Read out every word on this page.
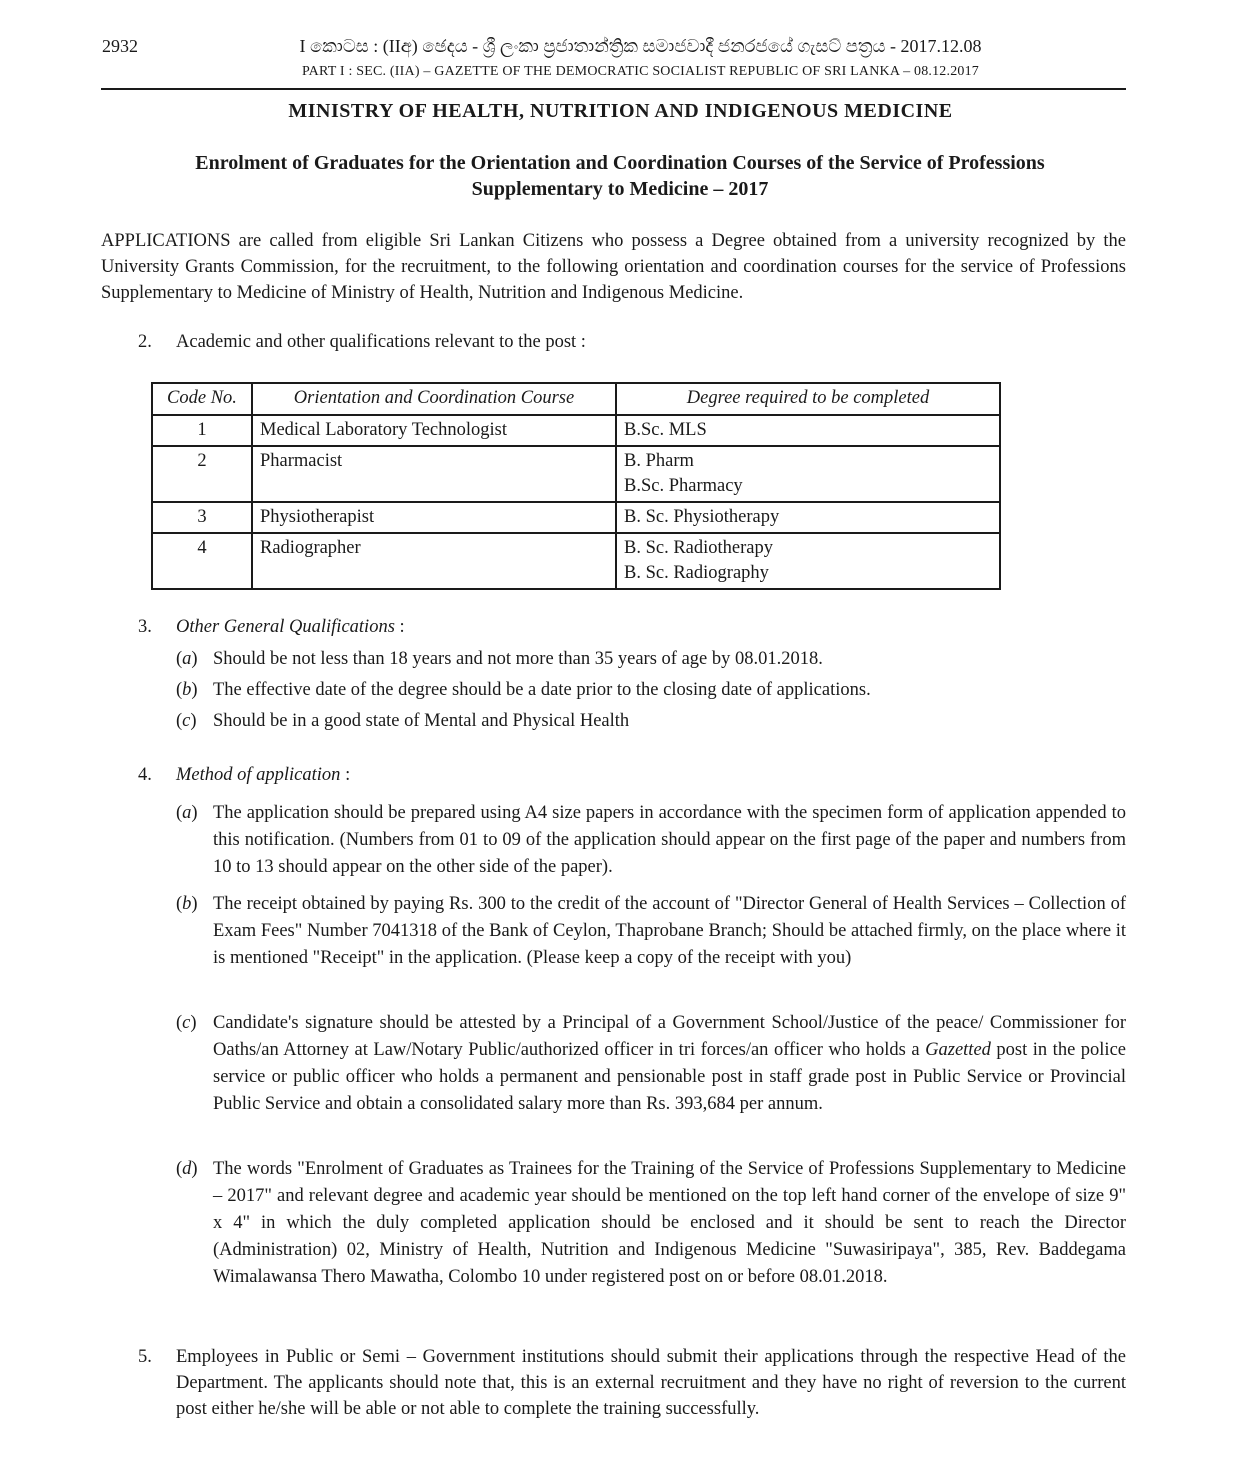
2932	I කොටස : (IIඅ) ඡෙදය - ශ්‍රී ලංකා ප්‍රජාතාන්ත්‍රික සමාජවාදී ජනරජයේ ගැසට් පත්‍රය - 2017.12.08
PART I : SEC. (IIA) – GAZETTE OF THE DEMOCRATIC SOCIALIST REPUBLIC OF SRI LANKA – 08.12.2017
MINISTRY OF HEALTH, NUTRITION AND INDIGENOUS MEDICINE
Enrolment of Graduates for the Orientation and Coordination Courses of the Service of Professions
Supplementary to Medicine – 2017

APPLICATIONS are called from eligible Sri Lankan Citizens who possess a Degree obtained from a university recognized by the University Grants Commission, for the recruitment, to the following orientation and coordination courses for the service of Professions Supplementary to Medicine of Ministry of Health, Nutrition and Indigenous Medicine.

2. Academic and other qualifications relevant to the post :
Code No.	Orientation and Coordination Course	Degree required to be completed
1	Medical Laboratory Technologist	B.Sc. MLS

2	Pharmacist	B. Pharm
B.Sc. Pharmacy

3	Physiotherapist	B. Sc. Physiotherapy

4	Radiographer	B. Sc. Radiotherapy
B. Sc. Radiography
3. Other General Qualifications :
(a) Should be not less than 18 years and not more than 35 years of age by 08.01.2018.
(b) The effective date of the degree should be a date prior to the closing date of applications.
(c) Should be in a good state of Mental and Physical Health
4. Method of application :
(a) The application should be prepared using A4 size papers in accordance with the specimen form of application appended to this notification. (Numbers from 01 to 09 of the application should appear on the first page of the paper and numbers from 10 to 13 should appear on the other side of the paper).
(b) The receipt obtained by paying Rs. 300 to the credit of the account of "Director General of Health Services – Collection of Exam Fees" Number 7041318 of the Bank of Ceylon, Thaprobane Branch; Should be attached firmly, on the place where it is mentioned "Receipt" in the application. (Please keep a copy of the receipt with you)
(c) Candidate's signature should be attested by a Principal of a Government School/Justice of the peace/ Commissioner for Oaths/an Attorney at Law/Notary Public/authorized officer in tri forces/an officer who holds a Gazetted post in the police service or public officer who holds a permanent and pensionable post in staff grade post in Public Service or Provincial Public Service and obtain a consolidated salary more than Rs. 393,684 per annum.
(d) The words "Enrolment of Graduates as Trainees for the Training of the Service of Professions Supplementary to Medicine – 2017" and relevant degree and academic year should be mentioned on the top left hand corner of the envelope of size 9" x 4" in which the duly completed application should be enclosed and it should be sent to reach the Director (Administration) 02, Ministry of Health, Nutrition and Indigenous Medicine "Suwasiripaya", 385, Rev. Baddegama Wimalawansa Thero Mawatha, Colombo 10 under registered post on or before 08.01.2018.
5. Employees in Public or Semi – Government institutions should submit their applications through the respective Head of the Department. The applicants should note that, this is an external recruitment and they have no right of reversion to the current post either he/she will be able or not able to complete the training successfully.
